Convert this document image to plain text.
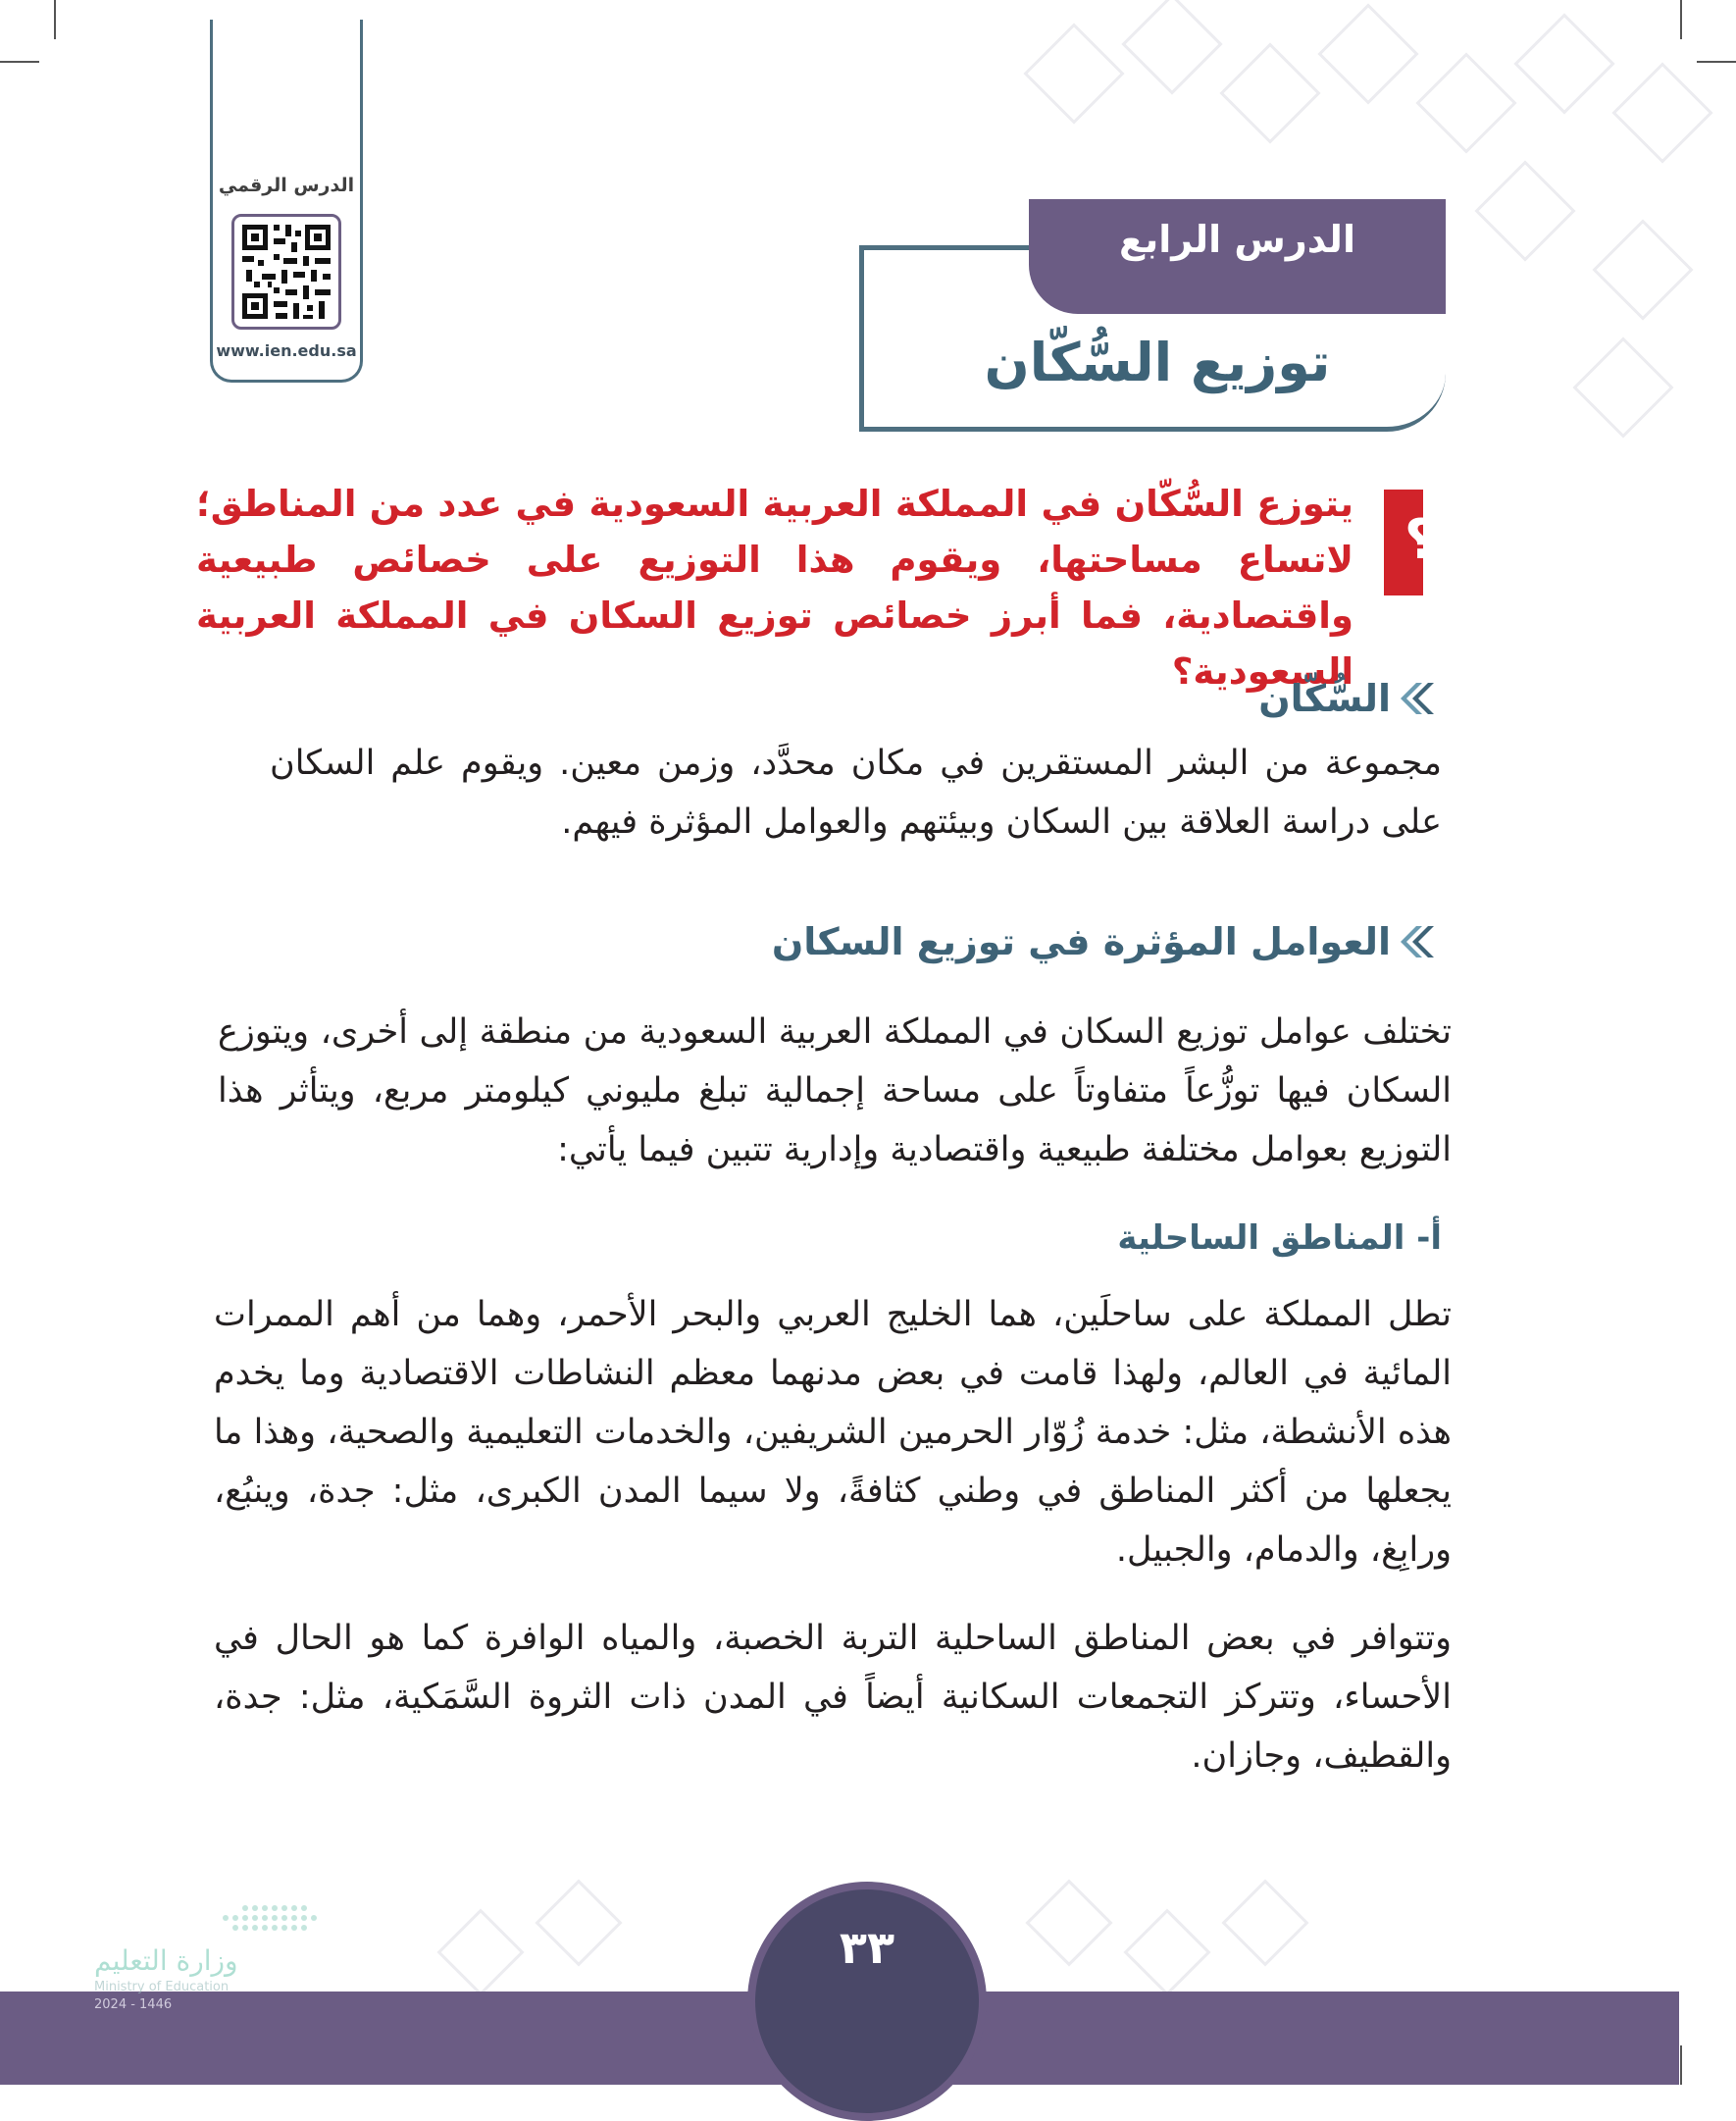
الدرس الرقمي
www.ien.edu.sa
الدرس الرابع
توزيع السُّكّان
؟
يتوزع السُّكّان في المملكة العربية السعودية في عدد من المناطق؛ لاتساع مساحتها، ويقوم هذا التوزيع على خصائص طبيعية واقتصادية، فما أبرز خصائص توزيع السكان في المملكة العربية السعودية؟
السُّكّان
مجموعة من البشر المستقرين في مكان محدَّد، وزمن معين. ويقوم علم السكان على دراسة العلاقة بين السكان وبيئتهم والعوامل المؤثرة فيهم.
العوامل المؤثرة في توزيع السكان
تختلف عوامل توزيع السكان في المملكة العربية السعودية من منطقة إلى أخرى، ويتوزع السكان فيها توزُّعاً متفاوتاً على مساحة إجمالية تبلغ مليوني كيلومتر مربع، ويتأثر هذا التوزيع بعوامل مختلفة طبيعية واقتصادية وإدارية تتبين فيما يأتي:
أ- المناطق الساحلية
تطل المملكة على ساحلَين، هما الخليج العربي والبحر الأحمر، وهما من أهم الممرات المائية في العالم، ولهذا قامت في بعض مدنهما معظم النشاطات الاقتصادية وما يخدم هذه الأنشطة، مثل: خدمة زُوّار الحرمين الشريفين، والخدمات التعليمية والصحية، وهذا ما يجعلها من أكثر المناطق في وطني كثافةً، ولا سيما المدن الكبرى، مثل: جدة، وينبُع، ورابِغ، والدمام، والجبيل.
وتتوافر في بعض المناطق الساحلية التربة الخصبة، والمياه الوافرة كما هو الحال في الأحساء، وتتركز التجمعات السكانية أيضاً في المدن ذات الثروة السَّمَكية، مثل: جدة، والقطيف، وجازان.
٣٣
وزارة التعليم
Ministry of Education
2024 - 1446
